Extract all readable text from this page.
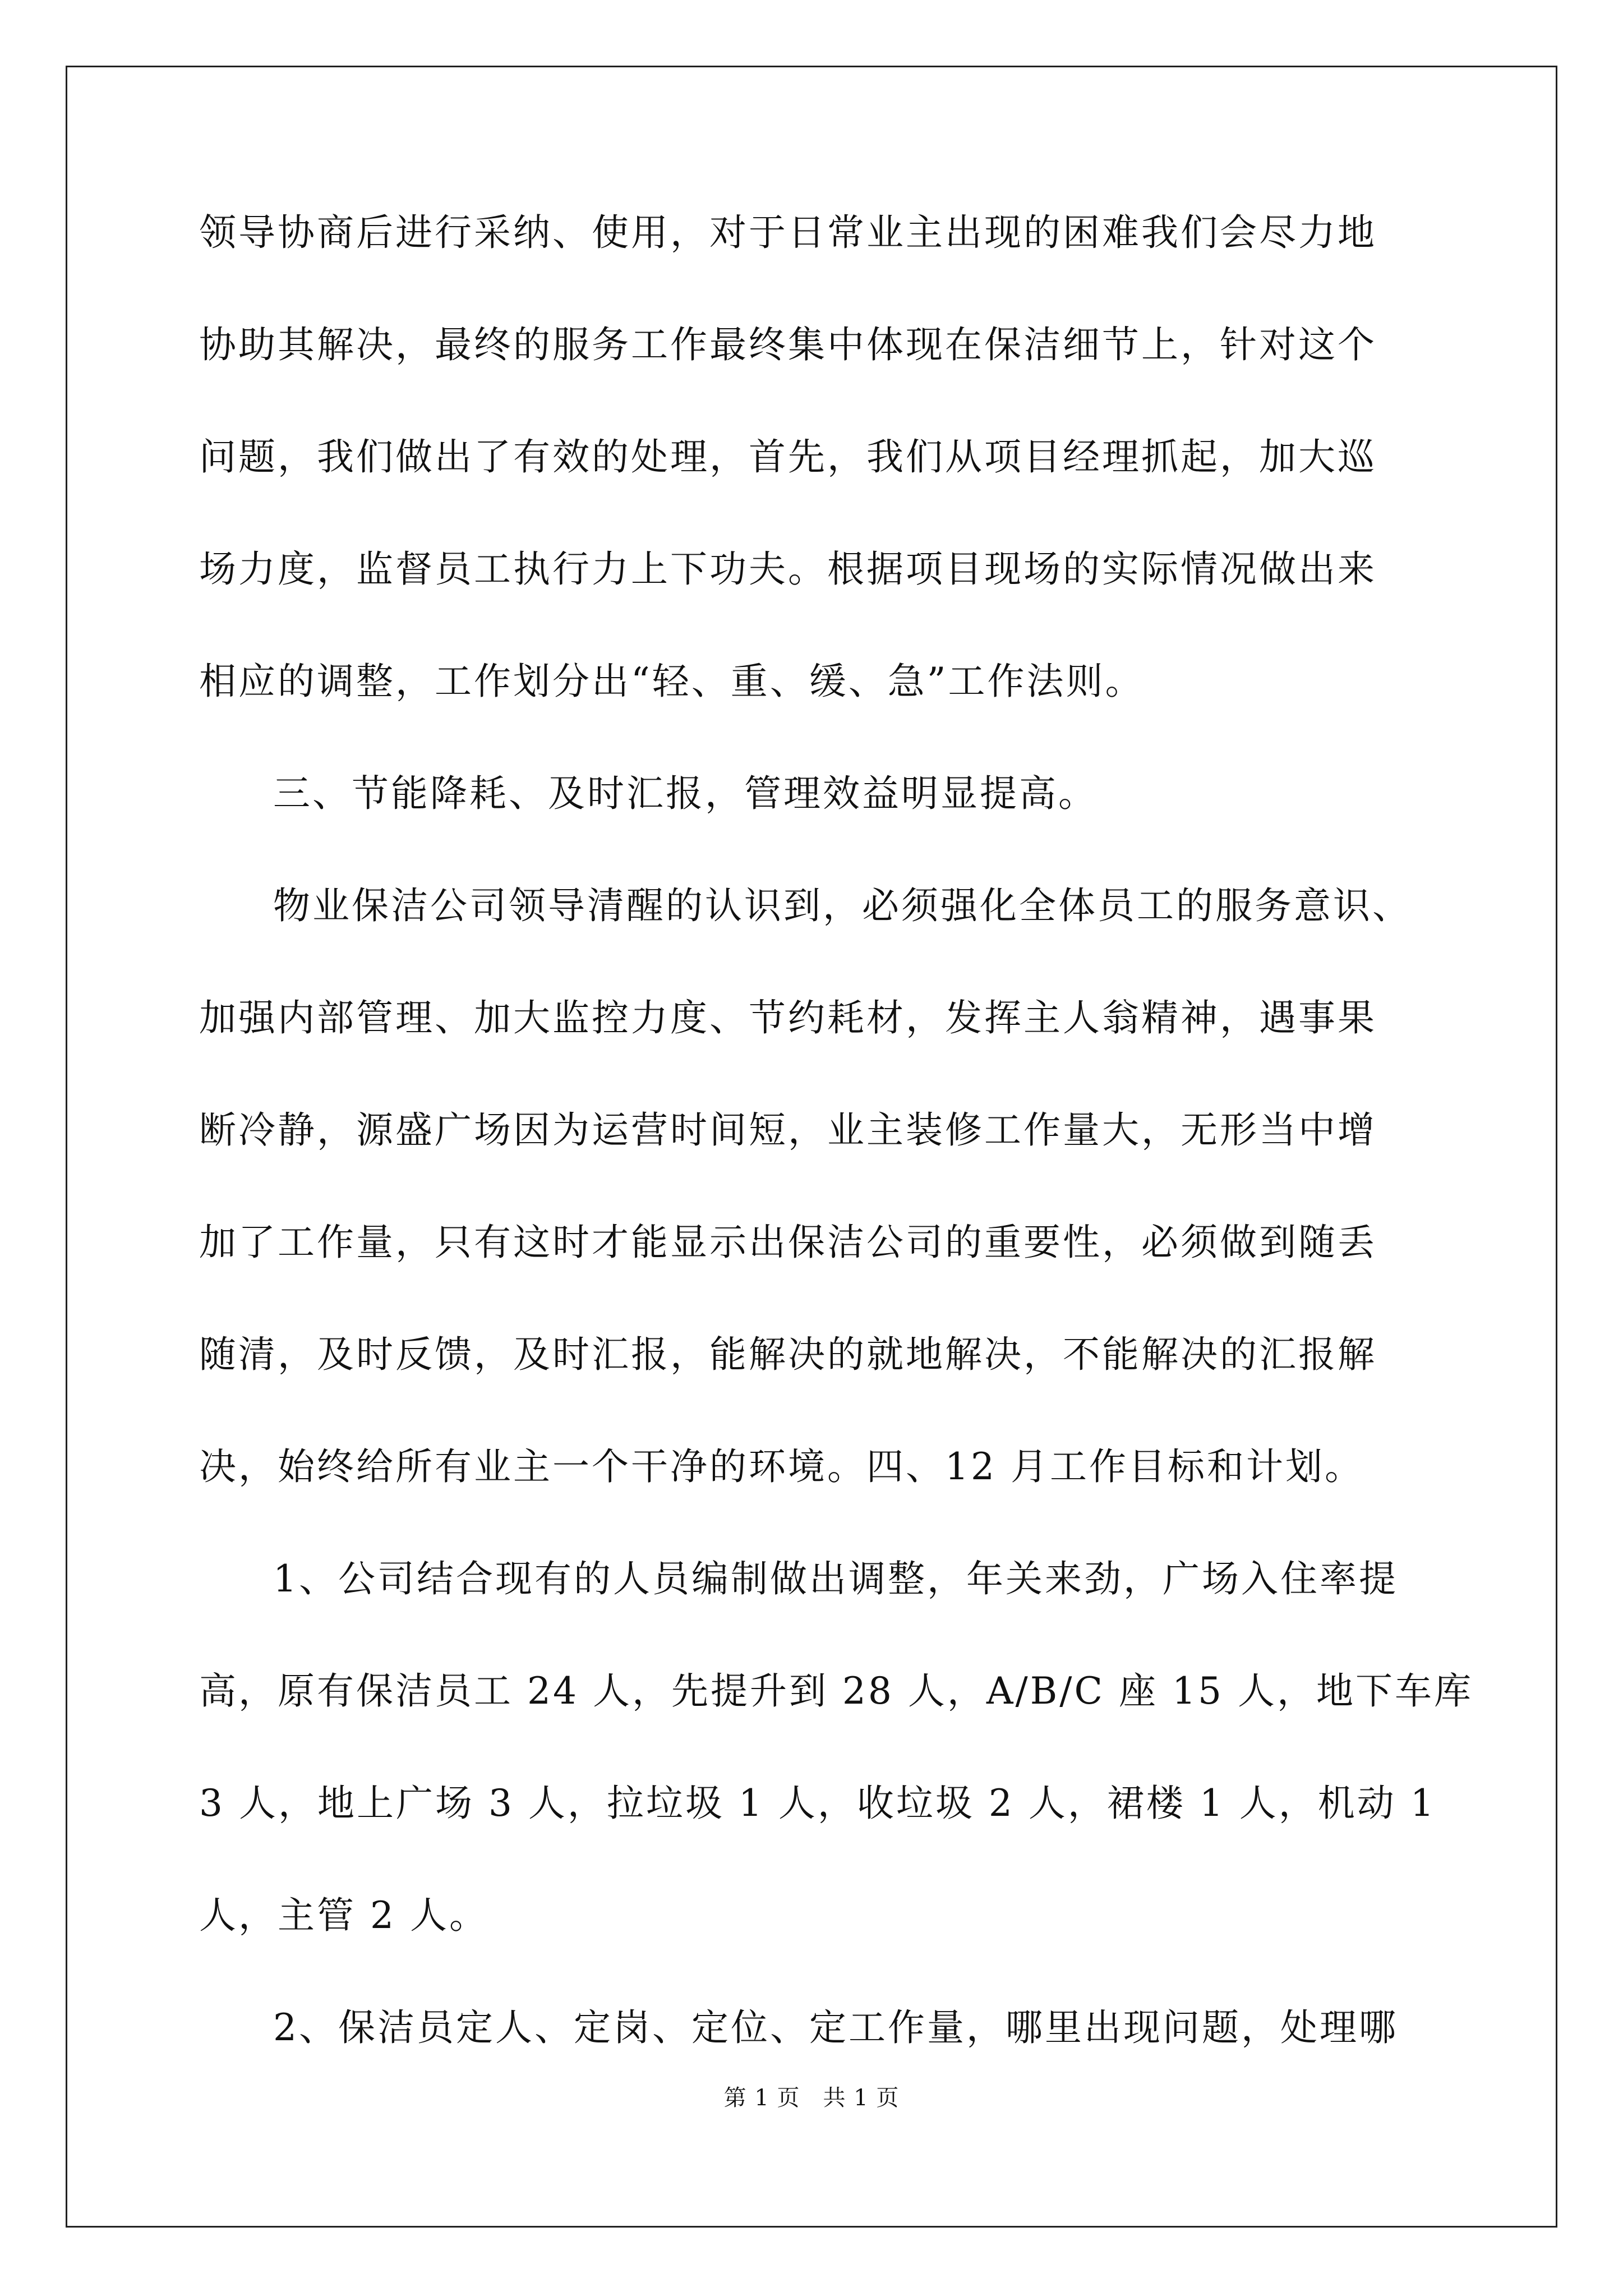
领导协商后进行采纳、使用，对于日常业主出现的困难我们会尽力地
协助其解决，最终的服务工作最终集中体现在保洁细节上，针对这个
问题，我们做出了有效的处理，首先，我们从项目经理抓起，加大巡
场力度，监督员工执行力上下功夫。根据项目现场的实际情况做出来
相应的调整，工作划分出“轻、重、缓、急”工作法则。
三、节能降耗、及时汇报，管理效益明显提高。
物业保洁公司领导清醒的认识到，必须强化全体员工的服务意识、
加强内部管理、加大监控力度、节约耗材，发挥主人翁精神，遇事果
断冷静，源盛广场因为运营时间短，业主装修工作量大，无形当中增
加了工作量，只有这时才能显示出保洁公司的重要性，必须做到随丢
随清，及时反馈，及时汇报，能解决的就地解决，不能解决的汇报解
决，始终给所有业主一个干净的环境。四、12 月工作目标和计划。
1、公司结合现有的人员编制做出调整，年关来劲，广场入住率提
高，原有保洁员工 24 人，先提升到 28 人，A/B/C 座 15 人，地下车库
3 人，地上广场 3 人，拉垃圾 1 人，收垃圾 2 人，裙楼 1 人，机动 1
人，主管 2 人。
2、保洁员定人、定岗、定位、定工作量，哪里出现问题，处理哪
第 1 页　共 1 页
